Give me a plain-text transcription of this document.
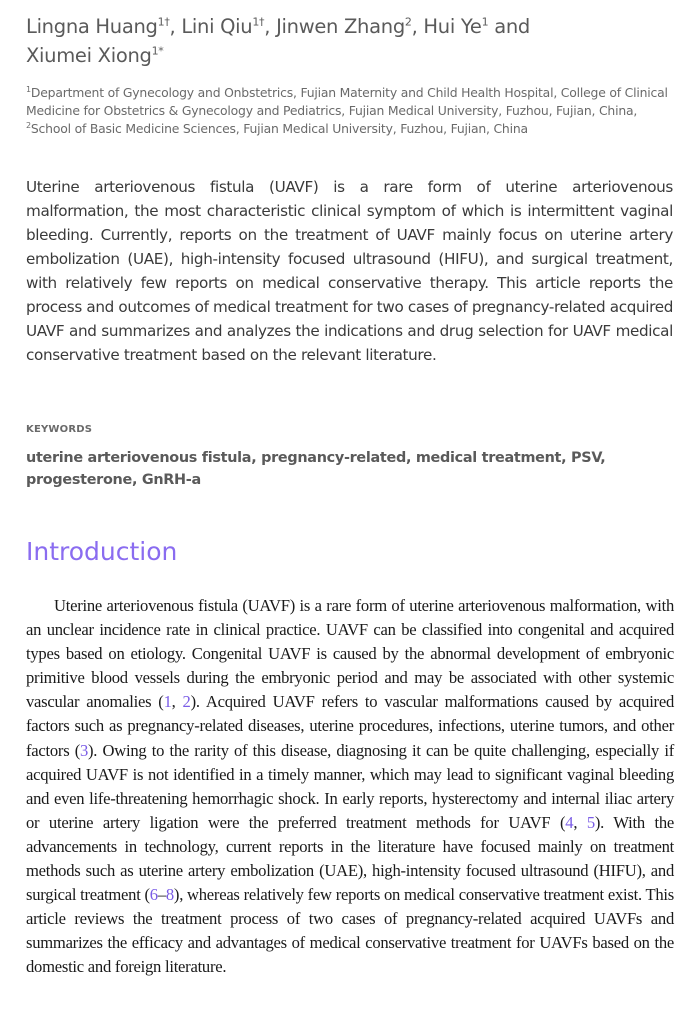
Lingna Huang$^{1\dagger}$, Lini Qiu$^{1\dagger}$, Jinwen Zhang$^2$, Hui Ye$^1$ and
Xiumei Xiong$^{1*}$
$^1$Department of Gynecology and Onbstetrics, Fujian Maternity and Child Health Hospital, College of Clinical Medicine for Obstetrics & Gynecology and Pediatrics, Fujian Medical University, Fuzhou, Fujian, China, $^2$School of Basic Medicine Sciences, Fujian Medical University, Fuzhou, Fujian, China
Uterine arteriovenous fistula (UAVF) is a rare form of uterine arteriovenous malformation, the most characteristic clinical symptom of which is intermittent vaginal bleeding. Currently, reports on the treatment of UAVF mainly focus on uterine artery embolization (UAE), high-intensity focused ultrasound (HIFU), and surgical treatment, with relatively few reports on medical conservative therapy. This article reports the process and outcomes of medical treatment for two cases of pregnancy-related acquired UAVF and summarizes and analyzes the indications and drug selection for UAVF medical conservative treatment based on the relevant literature.
KEYWORDS
uterine arteriovenous fistula, pregnancy-related, medical treatment, PSV, progesterone, GnRH-a
Introduction

Uterine arteriovenous fistula (UAVF) is a rare form of uterine arteriovenous malformation, with an unclear incidence rate in clinical practice. UAVF can be classified into congenital and acquired types based on etiology. Congenital UAVF is caused by the abnormal development of embryonic primitive blood vessels during the embryonic period and may be associated with other systemic vascular anomalies (1, 2). Acquired UAVF refers to vascular malformations caused by acquired factors such as pregnancy-related diseases, uterine procedures, infections, uterine tumors, and other factors (3). Owing to the rarity of this disease, diagnosing it can be quite challenging, especially if acquired UAVF is not identified in a timely manner, which may lead to significant vaginal bleeding and even life-threatening hemorrhagic shock. In early reports, hysterectomy and internal iliac artery or uterine artery ligation were the preferred treatment methods for UAVF (4, 5). With the advancements in technology, current reports in the literature have focused mainly on treatment methods such as uterine artery embolization (UAE), high-intensity focused ultrasound (HIFU), and surgical treatment (6–8), whereas relatively few reports on medical conservative treatment exist. This article reviews the treatment process of two cases of pregnancy-related acquired UAVFs and summarizes the efficacy and advantages of medical conservative treatment for UAVFs based on the domestic and foreign literature.
